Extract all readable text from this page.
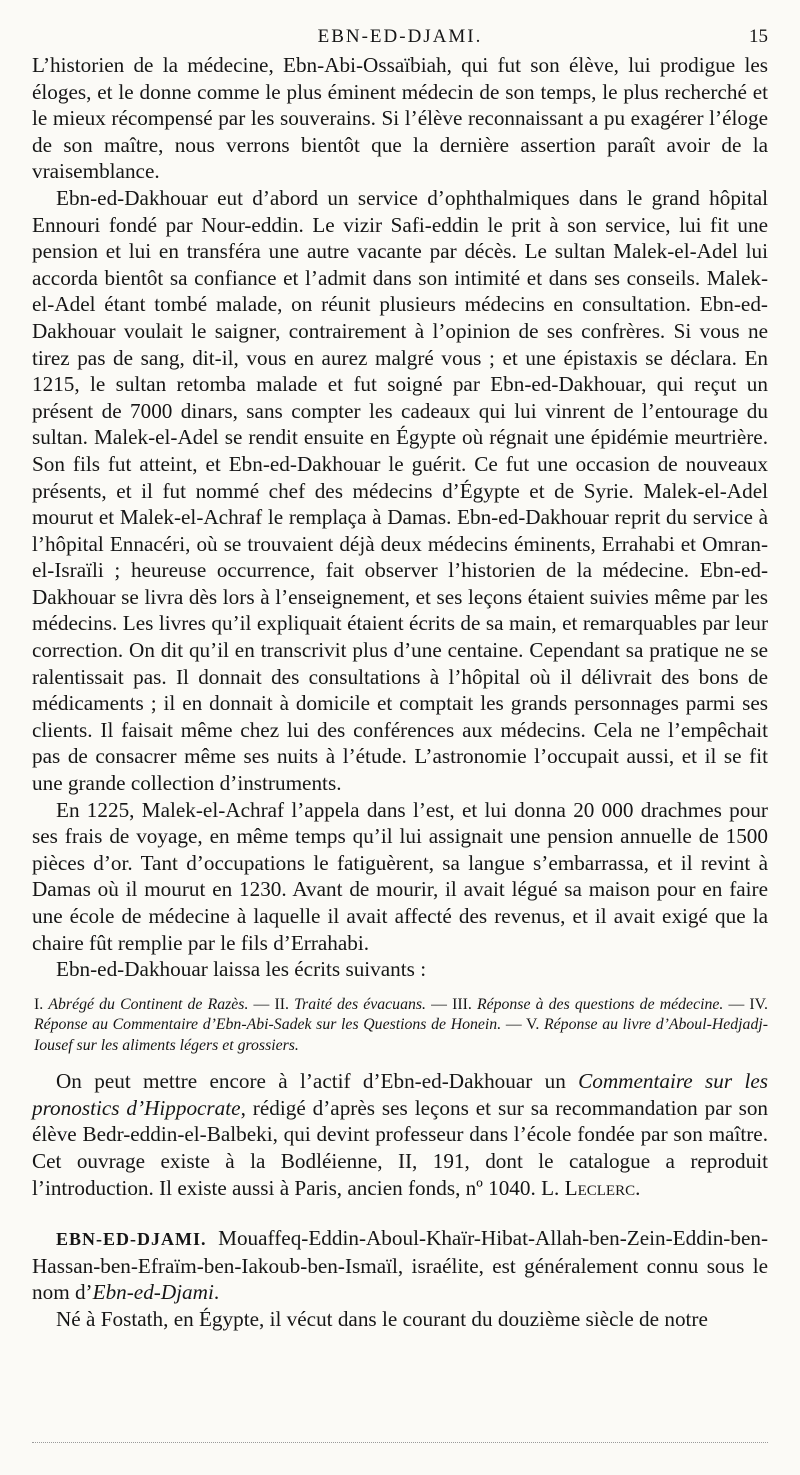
EBN-ED-DJAMI.	15

L’historien de la médecine, Ebn-Abi-Ossaïbiah, qui fut son élève, lui prodigue les éloges, et le donne comme le plus éminent médecin de son temps, le plus recherché et le mieux récompensé par les souverains. Si l’élève reconnaissant a pu exagérer l’éloge de son maître, nous verrons bientôt que la dernière assertion paraît avoir de la vraisemblance.

Ebn-ed-Dakhouar eut d’abord un service d’ophthalmiques dans le grand hôpital Ennouri fondé par Nour-eddin. Le vizir Safi-eddin le prit à son service, lui fit une pension et lui en transféra une autre vacante par décès. Le sultan Malek-el-Adel lui accorda bientôt sa confiance et l’admit dans son intimité et dans ses conseils. Malek-el-Adel étant tombé malade, on réunit plusieurs médecins en consultation. Ebn-ed-Dakhouar voulait le saigner, contrairement à l’opinion de ses confrères. Si vous ne tirez pas de sang, dit-il, vous en aurez malgré vous ; et une épistaxis se déclara. En 1215, le sultan retomba malade et fut soigné par Ebn-ed-Dakhouar, qui reçut un présent de 7000 dinars, sans compter les cadeaux qui lui vinrent de l’entourage du sultan. Malek-el-Adel se rendit ensuite en Égypte où régnait une épidémie meurtrière. Son fils fut atteint, et Ebn-ed-Dakhouar le guérit. Ce fut une occasion de nouveaux présents, et il fut nommé chef des médecins d’Égypte et de Syrie. Malek-el-Adel mourut et Malek-el-Achraf le remplaça à Damas. Ebn-ed-Dakhouar reprit du service à l’hôpital Ennacéri, où se trouvaient déjà deux médecins éminents, Errahabi et Omran-el-Israïli ; heureuse occurrence, fait observer l’historien de la médecine. Ebn-ed-Dakhouar se livra dès lors à l’enseignement, et ses leçons étaient suivies même par les médecins. Les livres qu’il expliquait étaient écrits de sa main, et remarquables par leur correction. On dit qu’il en transcrivit plus d’une centaine. Cependant sa pratique ne se ralentissait pas. Il donnait des consultations à l’hôpital où il délivrait des bons de médicaments ; il en donnait à domicile et comptait les grands personnages parmi ses clients. Il faisait même chez lui des conférences aux médecins. Cela ne l’empêchait pas de consacrer même ses nuits à l’étude. L’astronomie l’occupait aussi, et il se fit une grande collection d’instruments.

En 1225, Malek-el-Achraf l’appela dans l’est, et lui donna 20 000 drachmes pour ses frais de voyage, en même temps qu’il lui assignait une pension annuelle de 1500 pièces d’or. Tant d’occupations le fatiguèrent, sa langue s’embarrassa, et il revint à Damas où il mourut en 1230. Avant de mourir, il avait légué sa maison pour en faire une école de médecine à laquelle il avait affecté des revenus, et il avait exigé que la chaire fût remplie par le fils d’Errahabi.

Ebn-ed-Dakhouar laissa les écrits suivants :

I. Abrégé du Continent de Razès. — II. Traité des évacuans. — III. Réponse à des questions de médecine. — IV. Réponse au Commentaire d’Ebn-Abi-Sadek sur les Questions de Honein. — V. Réponse au livre d’Aboul-Hedjadj-Iousef sur les aliments légers et grossiers.

On peut mettre encore à l’actif d’Ebn-ed-Dakhouar un Commentaire sur les pronostics d’Hippocrate, rédigé d’après ses leçons et sur sa recommandation par son élève Bedr-eddin-el-Balbeki, qui devint professeur dans l’école fondée par son maître. Cet ouvrage existe à la Bodléienne, II, 191, dont le catalogue a reproduit l’introduction. Il existe aussi à Paris, ancien fonds, nº 1040. L. Leclerc.

EBN-ED-DJAMI. Mouaffeq-Eddin-Aboul-Khaïr-Hibat-Allah-ben-Zein-Eddin-ben-Hassan-ben-Efraïm-ben-Iakoub-ben-Ismaïl, israélite, est généralement connu sous le nom d’Ebn-ed-Djami.

Né à Fostath, en Égypte, il vécut dans le courant du douzième siècle de notre
